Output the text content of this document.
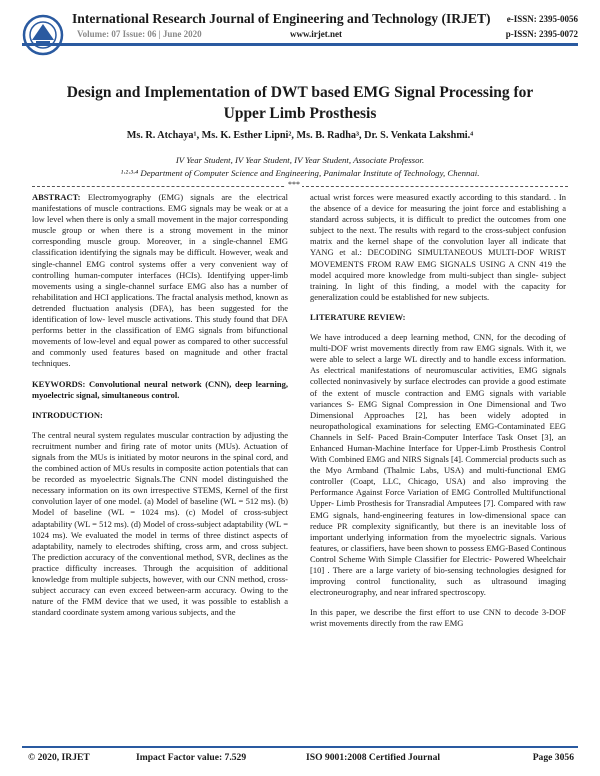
International Research Journal of Engineering and Technology (IRJET)
Volume: 07 Issue: 06 | June 2020	www.irjet.net
e-ISSN: 2395-0056
p-ISSN: 2395-0072
Design and Implementation of DWT based EMG Signal Processing for
Upper Limb Prosthesis
Ms. R. Atchaya¹, Ms. K. Esther Lipni², Ms. B. Radha³, Dr. S. Venkata Lakshmi.⁴
IV Year Student, IV Year Student, IV Year Student, Associate Professor.
¹·²·³·⁴ Department of Computer Science and Engineering, Panimalar Institute of Technology, Chennai.
***

ABSTRACT: Electromyography (EMG) signals are the electrical manifestations of muscle contractions. EMG signals may be weak or at a low level when there is only a small movement in the major corresponding muscle group or when there is a strong movement in the minor corresponding muscle group. Moreover, in a single-channel EMG classification identifying the signals may be difficult. However, weak and single-channel EMG control systems offer a very convenient way of controlling human-computer interfaces (HCIs). Identifying upper-limb movements using a single-channel surface EMG also has a number of rehabilitation and HCI applications. The fractal analysis method, known as detrended fluctuation analysis (DFA), has been suggested for the identification of low- level muscle activations. This study found that DFA performs better in the classification of EMG signals from bifunctional movements of low-level and equal power as compared to other successful and commonly used features based on magnitude and other fractal techniques.

KEYWORDS: Convolutional neural network (CNN), deep learning, myoelectric signal, simultaneous control.

INTRODUCTION:

The central neural system regulates muscular contraction by adjusting the recruitment number and firing rate of motor units (MUs). Actuation of signals from the MUs is initiated by motor neurons in the spinal cord, and the combined action of MUs results in composite action potentials that can be recorded as myoelectric Signals.The CNN model distinguished the necessary information on its own irrespective STEMS, Kernel of the first convolution layer of one model. (a) Model of baseline (WL = 512 ms). (b) Model of baseline (WL = 1024 ms). (c) Model of cross-subject adaptability (WL = 512 ms). (d) Model of cross-subject adaptability (WL = 1024 ms). We evaluated the model in terms of three distinct aspects of adaptability, namely to electrodes shifting, cross arm, and cross subject. The prediction accuracy of the conventional method, SVR, declines as the practice difficulty increases. Through the acquisition of additional knowledge from multiple subjects, however, with our CNN method, cross-subject accuracy can even exceed between-arm accuracy. Owing to the nature of the FMM device that we used, it was possible to establish a standard coordinate system among various subjects, and the

actual wrist forces were measured exactly according to this standard. . In the absence of a device for measuring the joint force and establishing a standard across subjects, it is difficult to predict the outcomes from one subject to the next. The results with regard to the cross-subject confusion matrix and the kernel shape of the convolution layer all indicate that YANG et al.: DECODING SIMULTANEOUS MULTI-DOF WRIST MOVEMENTS FROM RAW EMG SIGNALS USING A CNN 419 the model acquired more knowledge from multi-subject than single- subject training. In light of this finding, a model with the capacity for generalization could be established for new subjects.

LITERATURE REVIEW:

We have introduced a deep learning method, CNN, for the decoding of multi-DOF wrist movements directly from raw EMG signals. With it, we were able to select a large WL directly and to handle excess information. As electrical manifestations of neuromuscular activities, EMG signals collected noninvasively by surface electrodes can provide a good estimate of the extent of muscle contraction and EMG signals with variable variances S- EMG Signal Compression in One Dimensional and Two Dimensional Approaches [2], has been widely adopted in neuropathological examinations for selecting EMG-Contaminated EEG Channels in Self- Paced Brain-Computer Interface Task Onset [3], an Enhanced Human-Machine Interface for Upper-Limb Prosthesis Control With Combined EMG and NIRS Signals [4]. Commercial products such as the Myo Armband (Thalmic Labs, USA) and multi-functional EMG controller (Coapt, LLC, Chicago, USA) and also improving the Performance Against Force Variation of EMG Controlled Multifunctional Upper- Limb Prosthesis for Transradial Amputees [7]. Compared with raw EMG signals, hand-engineering features in low-dimensional space can reduce PR complexity significantly, but there is an inevitable loss of important underlying information from the myoelectric signals. Various features, or classifiers, have been shown to possess EMG-Based Continous Control Scheme With Simple Classifier for Electric- Powered Wheelchair [10] . There are a large variety of bio-sensing technologies designed for improving control functionality, such as ultrasound imaging electroneurography, and near infrared spectroscopy.

In this paper, we describe the first effort to use CNN to decode 3-DOF wrist movements directly from the raw EMG

© 2020, IRJET	Impact Factor value: 7.529	ISO 9001:2008 Certified Journal	Page 3056
